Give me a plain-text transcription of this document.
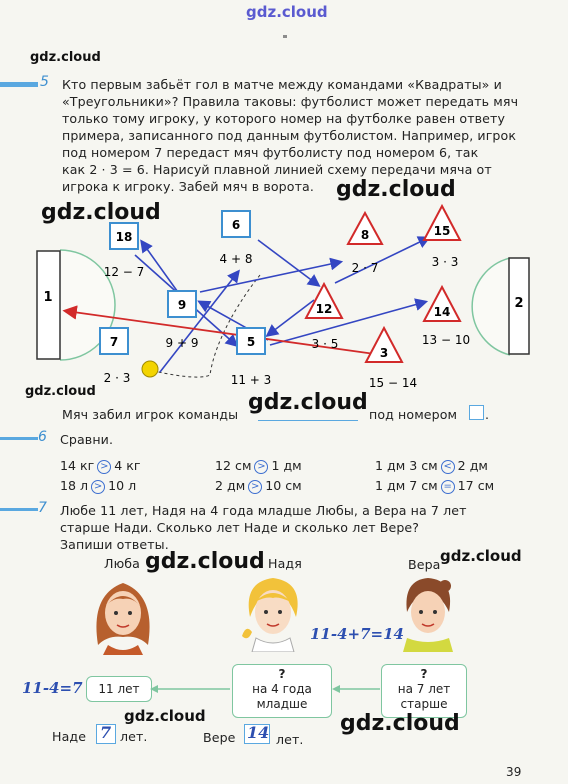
gdz.cloud
gdz.cloud
5 Кто первым забьёт гол в матче между командами «Квадраты» и
«Треугольники»? Правила таковы: футболист может передать мяч
только тому игроку, у которого номер на футболке равен ответу
примера, записанного под данным футболистом. Например, игрок
под номером 7 передаст мяч футболисту под номером 6, так
как 2 · 3 = 6. Нарисуй плавной линией схему передачи мяча от
игрока к игроку. Забей мяч в ворота.
1	2
18
12 − 7
6
4 + 8
9
9 + 9
7
2 · 3
5
11 + 3
8
2 · 7
15
3 · 3
12
3 · 5
14
13 − 10
3
15 − 14
gdz.cloud
gdz.cloud
gdz.cloud	gdz.cloud
Мяч забил игрок команды	под номером .
6 Сравни.
14 кг > 4 кг	12 см > 1 дм	1 дм 3 см < 2 дм
18 л > 10 л	2 дм > 10 см	1 дм 7 см = 17 см
7 Любе 11 лет, Надя на 4 года младше Любы, а Вера на 7 лет
старше Нади. Сколько лет Наде и сколько лет Вере?
Запиши ответы.
Люба	Надя	Вера
gdz.cloud	gdz.cloud
11-4+7=14
11 лет
?
на 4 года
младше
?
на 7 лет
старше
11-4=7
gdz.cloud	gdz.cloud
Наде 7 лет.	Вере 14 лет.
39
